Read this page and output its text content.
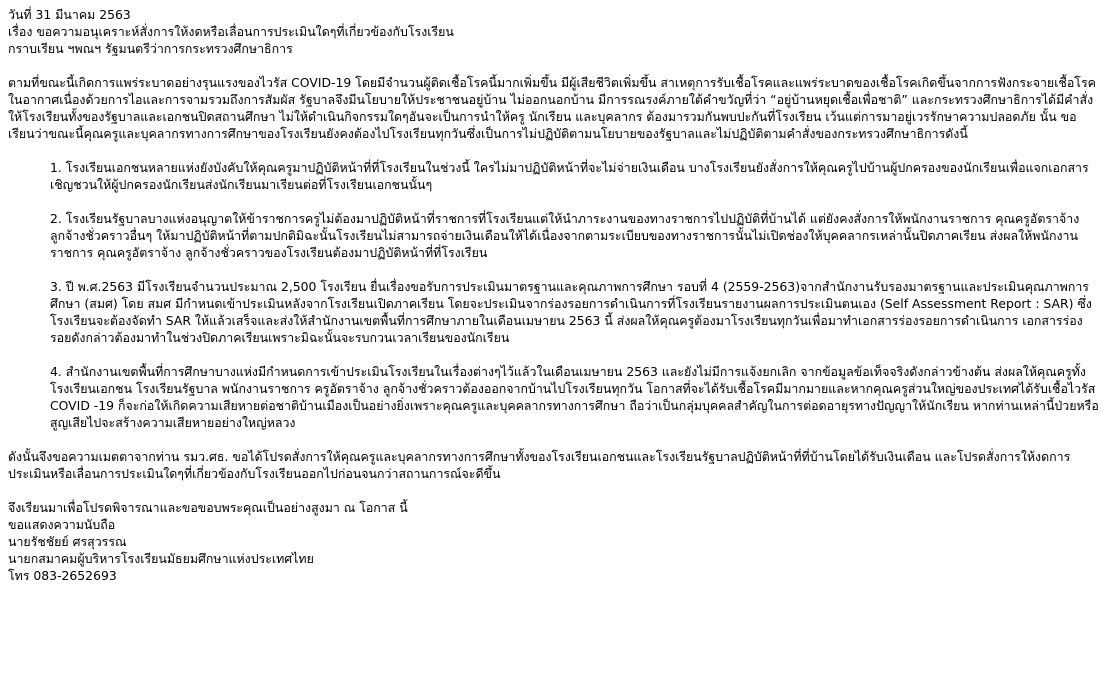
วันที่ 31 มีนาคม 2563
เรื่อง ขอความอนุเคราะห์สั่งการให้งดหรือเลื่อนการประเมินใดๆที่เกี่ยวข้องกับโรงเรียน
กราบเรียน ฯพณฯ รัฐมนตรีว่าการกระทรวงศึกษาธิการ

ตามที่ขณะนี้เกิดการแพร่ระบาดอย่างรุนแรงของไวรัส COVID-19 โดยมีจำนวนผู้ติดเชื้อโรคนี้มากเพิ่มขึ้น มีผู้เสียชีวิตเพิ่มขึ้น สาเหตุการรับเชื้อโรคและแพร่ระบาดของเชื้อโรคเกิดขึ้นจากการฟังกระจายเชื้อโรคในอากาศเนื่องด้วยการไอและการจามรวมถึงการสัมผัส รัฐบาลจึงมีนโยบายให้ประชาชนอยู่บ้าน ไม่ออกนอกบ้าน มีการรณรงค์ภายใต้คำขวัญที่ว่า “อยู่บ้านหยุดเชื้อเพื่อชาติ” และกระทรวงศึกษาธิการได้มีคำสั่งให้โรงเรียนทั้งของรัฐบาลและเอกชนปิดสถานศึกษา ไม่ให้ดำเนินกิจกรรมใดๆอันจะเป็นการนำให้ครู นักเรียน และบุคลากร ต้องมารวมกันพบปะกันที่โรงเรียน เว้นแต่การมาอยู่เวรรักษาความปลอดภัย นั้น ขอเรียนว่าขณะนี้คุณครูและบุคลากรทางการศึกษาของโรงเรียนยังคงต้องไปโรงเรียนทุกวันซึ่งเป็นการไม่ปฏิบัติตามนโยบายของรัฐบาลและไม่ปฏิบัติตามคำสั่งของกระทรวงศึกษาธิการดังนี้

1. โรงเรียนเอกชนหลายแห่งยังบังคับให้คุณครูมาปฏิบัติหน้าที่ที่โรงเรียนในช่วงนี้ ใครไม่มาปฏิบัติหน้าที่จะไม่จ่ายเงินเดือน บางโรงเรียนยังสั่งการให้คุณครูไปบ้านผู้ปกครองของนักเรียนเพื่อแจกเอกสารเชิญชวนให้ผู้ปกครองนักเรียนส่งนักเรียนมาเรียนต่อที่โรงเรียนเอกชนนั้นๆ

2. โรงเรียนรัฐบาลบางแห่งอนุญาตให้ข้าราชการครูไม่ต้องมาปฏิบัติหน้าที่ราชการที่โรงเรียนแต่ให้นำภาระงานของทางราชการไปปฏิบัติที่บ้านได้ แต่ยังคงสั่งการให้พนักงานราชการ คุณครูอัตราจ้าง ลูกจ้างชั่วคราวอื่นๆ ให้มาปฏิบัติหน้าที่ตามปกติมิฉะนั้นโรงเรียนไม่สามารถจ่ายเงินเดือนให้ได้เนื่องจากตามระเบียบของทางราชการนั้นไม่เปิดช่องให้บุคคลากรเหล่านั้นปิดภาคเรียน ส่งผลให้พนักงานราชการ คุณครูอัตราจ้าง ลูกจ้างชั่วคราวของโรงเรียนต้องมาปฏิบัติหน้าที่ที่โรงเรียน

3. ปี พ.ศ.2563 มีโรงเรียนจำนวนประมาณ 2,500 โรงเรียน ยื่นเรื่องขอรับการประเมินมาตรฐานและคุณภาพการศึกษา รอบที่ 4 (2559-2563)จากสำนักงานรับรองมาตรฐานและประเมินคุณภาพการศึกษา (สมศ) โดย สมศ มีกำหนดเข้าประเมินหลังจากโรงเรียนเปิดภาคเรียน โดยจะประเมินจากร่องรอยการดำเนินการที่โรงเรียนรายงานผลการประเมินตนเอง (Self Assessment Report : SAR) ซึ่งโรงเรียนจะต้องจัดทำ SAR ให้แล้วเสร็จและส่งให้สำนักงานเขตพื้นที่การศึกษาภายในเดือนเมษายน 2563 นี้ ส่งผลให้คุณครูต้องมาโรงเรียนทุกวันเพื่อมาทำเอกสารร่องรอยการดำเนินการ เอกสารร่องรอยดังกล่าวต้องมาทำในช่วงปิดภาคเรียนเพราะมิฉะนั้นจะรบกวนเวลาเรียนของนักเรียน

4. สำนักงานเขตพื้นที่การศึกษาบางแห่งมีกำหนดการเข้าประเมินโรงเรียนในเรื่องต่างๆไว้แล้วในเดือนเมษายน 2563 และยังไม่มีการแจ้งยกเลิก จากข้อมูลข้อเท็จจริงดังกล่าวข้างต้น ส่งผลให้คุณครูทั้งโรงเรียนเอกชน โรงเรียนรัฐบาล พนักงานราชการ ครูอัตราจ้าง ลูกจ้างชั่วคราวต้องออกจากบ้านไปโรงเรียนทุกวัน โอกาสที่จะได้รับเชื้อโรคมีมากมายและหากคุณครูส่วนใหญ่ของประเทศได้รับเชื้อไวรัส COVID -19 ก็จะก่อให้เกิดความเสียหายต่อชาติบ้านเมืองเป็นอย่างยิ่งเพราะคุณครูและบุคคลากรทางการศึกษา ถือว่าเป็นกลุ่มบุคคลสำคัญในการต่อดอายุรทางปัญญาให้นักเรียน หากท่านเหล่านี้ป่วยหรือสูญเสียไปจะสร้างความเสียหายอย่างใหญ่หลวง

ดังนั้นจึงขอความเมตตาจากท่าน รมว.ศธ. ขอได้โปรดสั่งการให้คุณครูและบุคลากรทางการศึกษาทั้งของโรงเรียนเอกชนและโรงเรียนรัฐบาลปฏิบัติหน้าที่ที่บ้านโดยได้รับเงินเดือน และโปรดสั่งการให้งดการประเมินหรือเลื่อนการประเมินใดๆที่เกี่ยวข้องกับโรงเรียนออกไปก่อนจนกว่าสถานการณ์จะดีขึ้น

จึงเรียนมาเพื่อโปรดพิจารณาและขอขอบพระคุณเป็นอย่างสูงมา ณ โอกาส นี้
ขอแสดงความนับถือ
นายรัชชัยย์ ศรสุวรรณ
นายกสมาคมผู้บริหารโรงเรียนมัธยมศึกษาแห่งประเทศไทย
โทร 083-2652693
